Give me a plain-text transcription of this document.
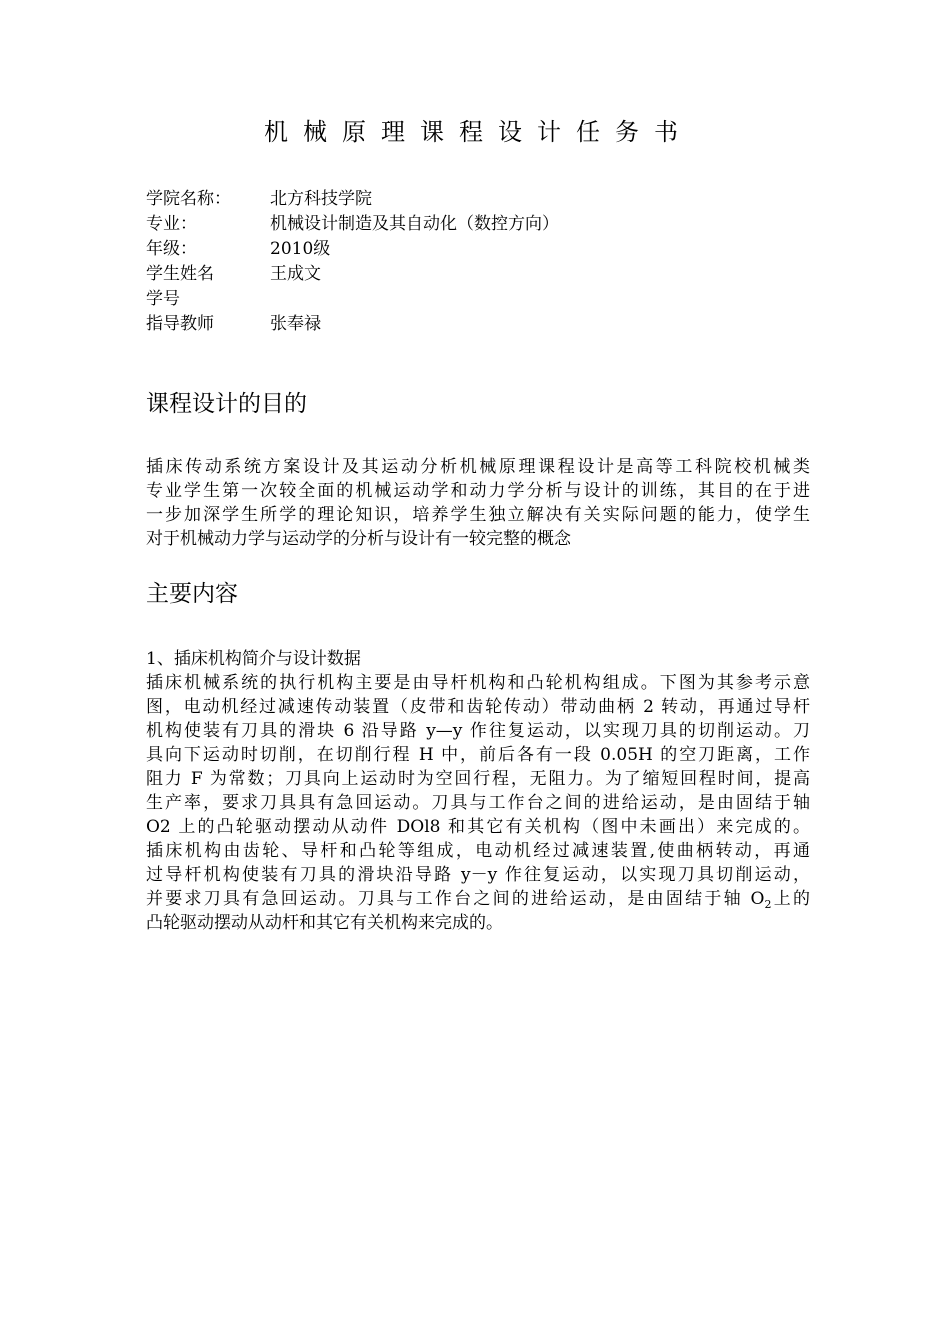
机械原理课程设计任务书
学院名称：	北方科技学院
专业：	机械设计制造及其自动化（数控方向）
年级：	2010级
学生姓名	王成文
学号
指导教师	张奉禄
课程设计的目的
插床传动系统方案设计及其运动分析机械原理课程设计是高等工科院校机械类
专业学生第一次较全面的机械运动学和动力学分析与设计的训练，其目的在于进
一步加深学生所学的理论知识，培养学生独立解决有关实际问题的能力，使学生
对于机械动力学与运动学的分析与设计有一较完整的概念
主要内容
1、插床机构简介与设计数据
插床机械系统的执行机构主要是由导杆机构和凸轮机构组成。下图为其参考示意
图，电动机经过减速传动装置（皮带和齿轮传动）带动曲柄 2 转动，再通过导杆
机构使装有刀具的滑块 6 沿导路 y—y 作往复运动，以实现刀具的切削运动。刀
具向下运动时切削，在切削行程 H 中，前后各有一段 0.05H 的空刀距离，工作
阻力 F 为常数；刀具向上运动时为空回行程，无阻力。为了缩短回程时间，提高
生产率，要求刀具具有急回运动。刀具与工作台之间的进给运动，是由固结于轴
O2 上的凸轮驱动摆动从动件 DOl8 和其它有关机构（图中未画出）来完成的。
插床机构由齿轮、导杆和凸轮等组成，电动机经过减速装置,使曲柄转动，再通
过导杆机构使装有刀具的滑块沿导路 y－y 作往复运动，以实现刀具切削运动，
并要求刀具有急回运动。刀具与工作台之间的进给运动，是由固结于轴 $O_2$上的
凸轮驱动摆动从动杆和其它有关机构来完成的。
